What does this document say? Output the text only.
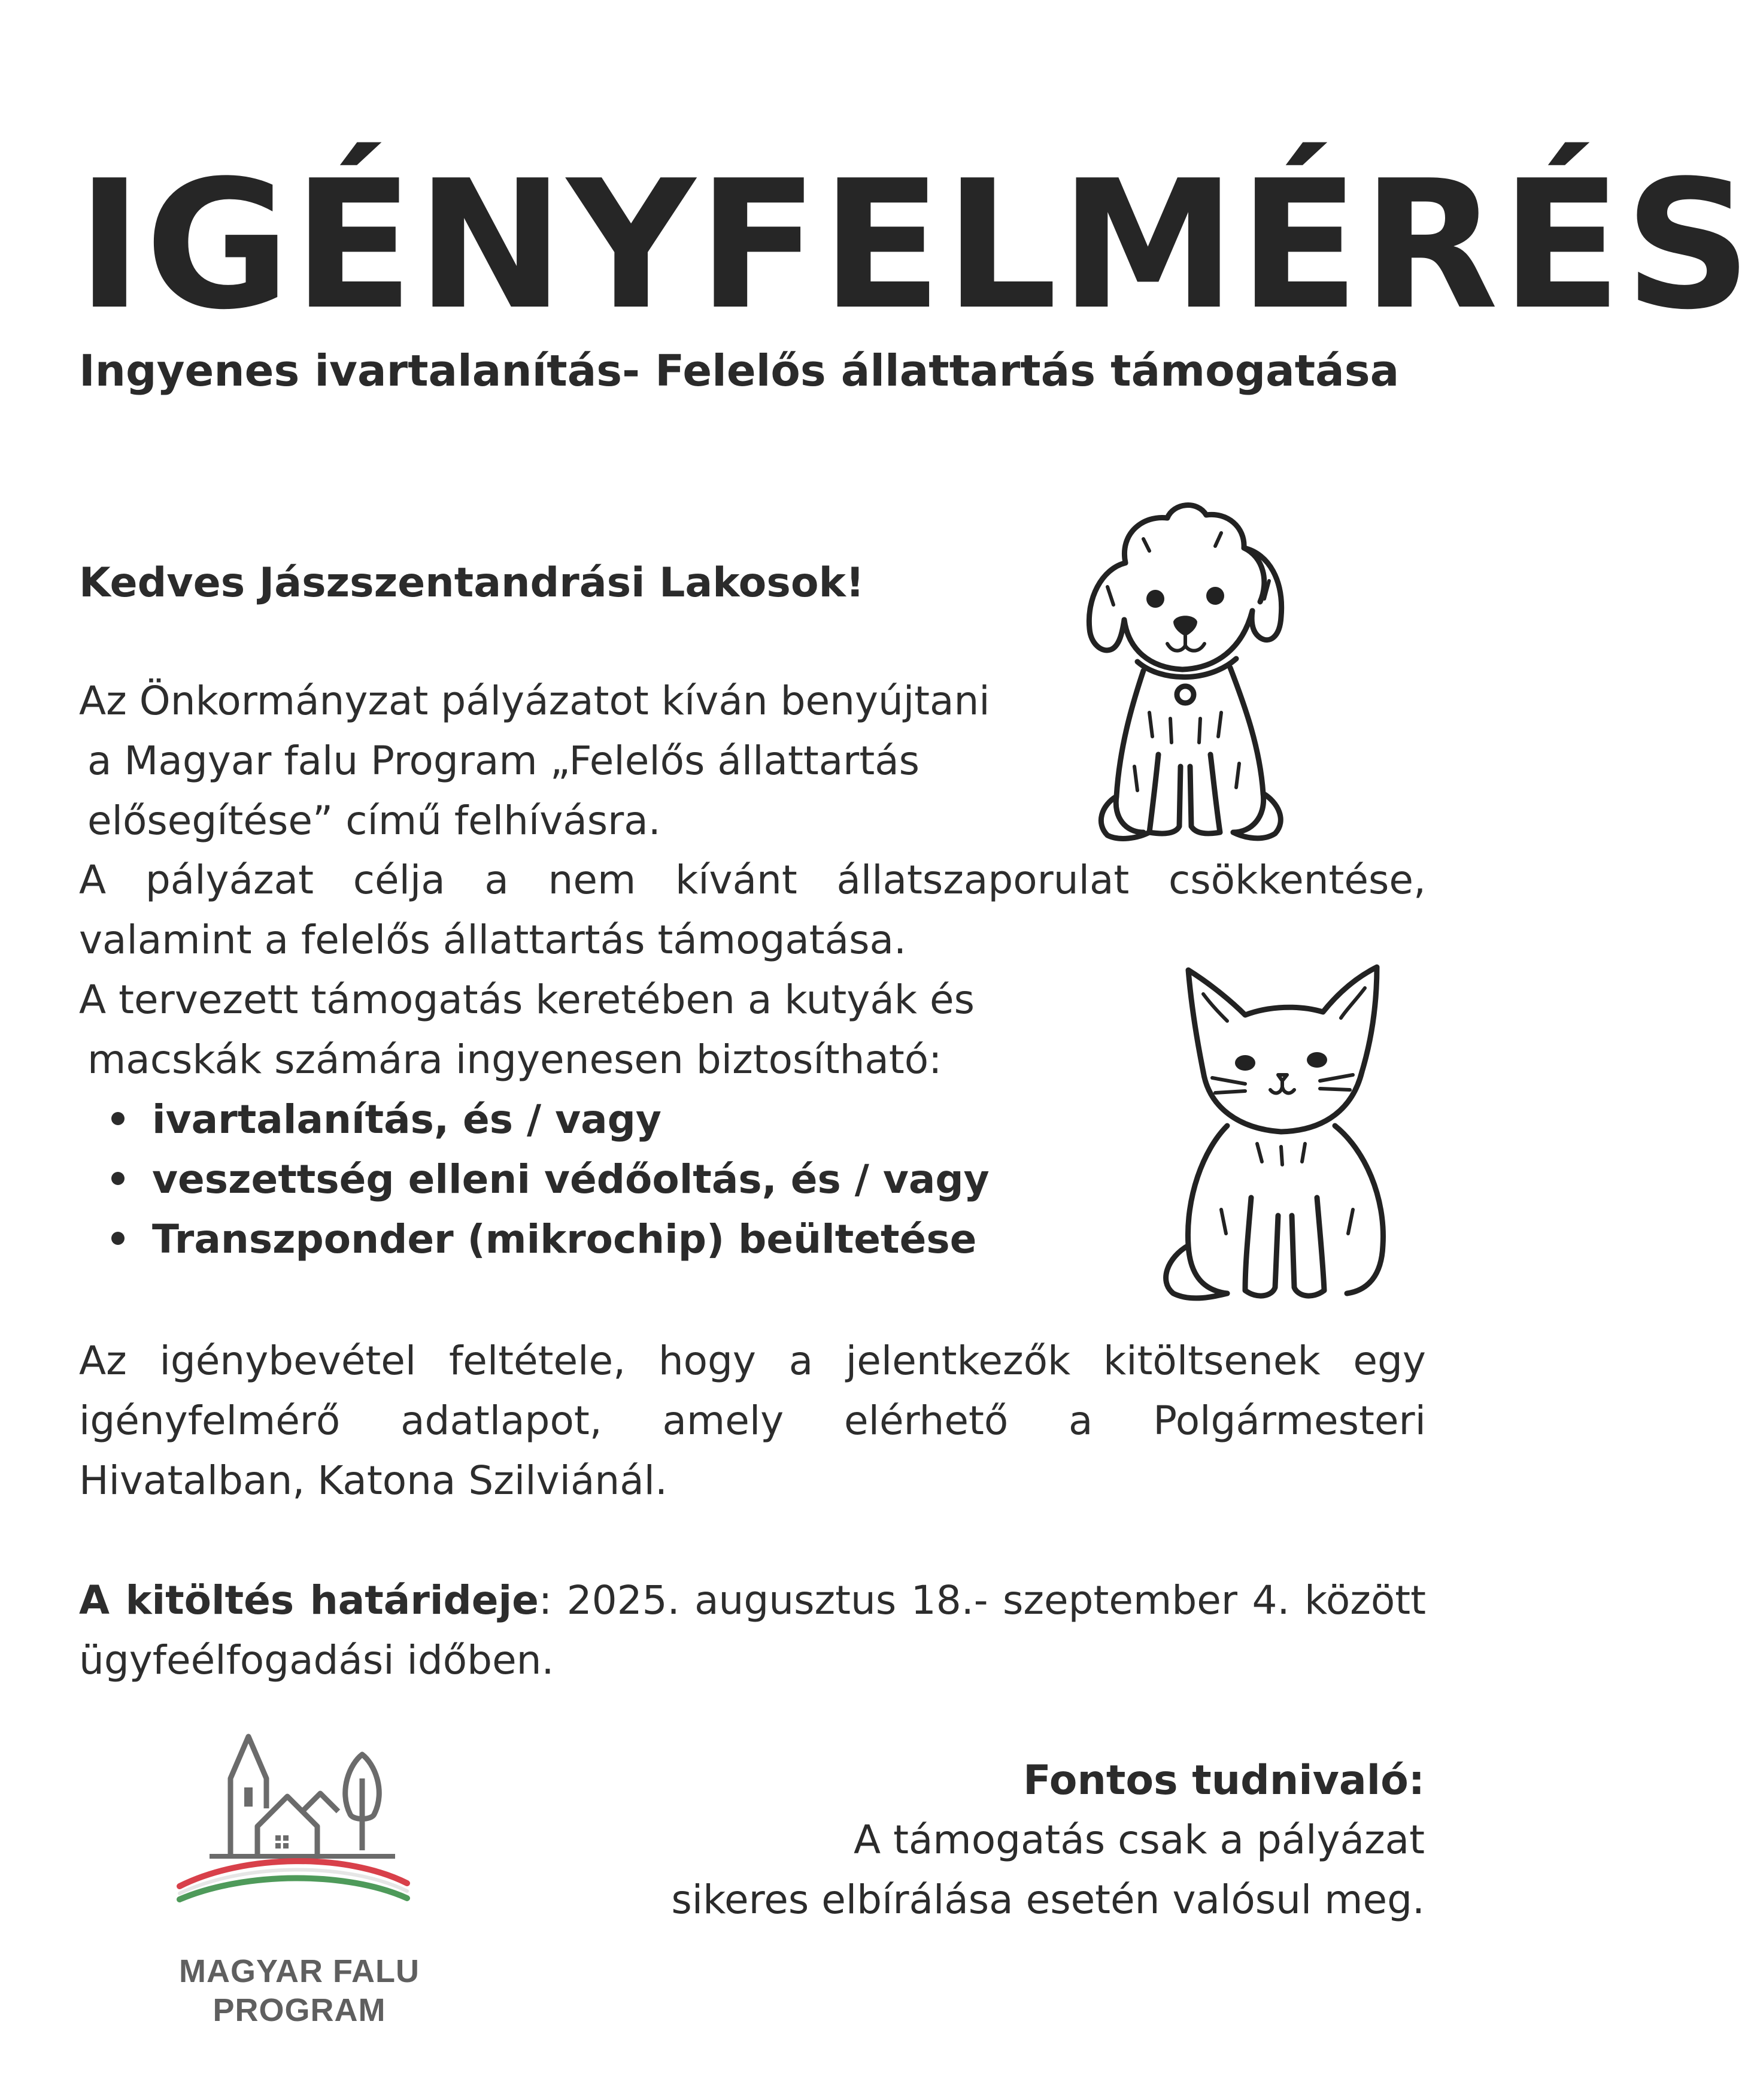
IGÉNYFELMÉRÉS
Ingyenes ivartalanítás- Felelős állattartás támogatása
Kedves Jászszentandrási Lakosok!
Az Önkormányzat pályázatot kíván benyújtani
a Magyar falu Program „Felelős állattartás
elősegítése” című felhívásra.
A pályázat célja a nem kívánt állatszaporulat csökkentése,
valamint a felelős állattartás támogatása.
A tervezett támogatás keretében a kutyák és
macskák számára ingyenesen biztosítható:
ivartalanítás, és / vagy
veszettség elleni védőoltás, és / vagy
Transzponder (mikrochip) beültetése
Az igénybevétel feltétele, hogy a jelentkezők kitöltsenek egy
igényfelmérő adatlapot, amely elérhető a Polgármesteri
Hivatalban, Katona Szilviánál.
A kitöltés határideje: 2025. augusztus 18.- szeptember 4. között
ügyfeélfogadási időben.
Fontos tudnivaló:
A támogatás csak a pályázat
sikeres elbírálása esetén valósul meg.
MAGYAR FALU
PROGRAM
